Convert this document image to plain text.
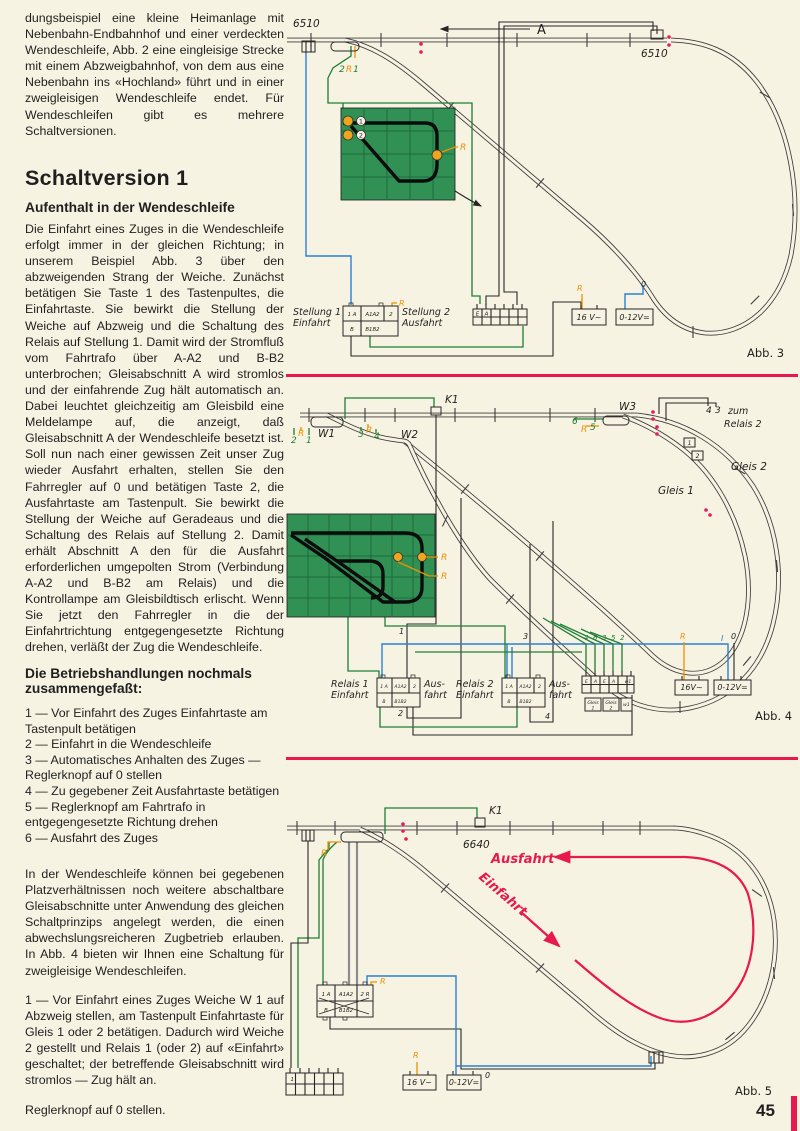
dungsbeispiel eine kleine Heimanlage mit Nebenbahn-Endbahnhof und einer verdeckten Wendeschleife, Abb. 2 eine eingleisige Strecke mit einem Abzweigbahnhof, von dem aus eine Nebenbahn ins «Hochland» führt und in einer zweigleisigen Wendeschleife endet. Für Wendeschleifen gibt es mehrere Schaltversionen.
Schaltversion 1
Aufenthalt in der Wendeschleife
Die Einfahrt eines Zuges in die Wendeschleife erfolgt immer in der gleichen Richtung; in unserem Beispiel Abb. 3 über den abzweigenden Strang der Weiche. Zunächst betätigen Sie Taste 1 des Tastenpultes, die Einfahrtaste. Sie bewirkt die Stellung der Weiche auf Abzweig und die Schaltung des Relais auf Stellung 1. Damit wird der Stromfluß vom Fahrtrafo über A-A2 und B-B2 unterbrochen; Gleisabschnitt A wird stromlos und der einfahrende Zug hält automatisch an. Dabei leuchtet gleichzeitig am Gleisbild eine Meldelampe auf, die anzeigt, daß Gleisabschnitt A der Wendeschleife besetzt ist. Soll nun nach einer gewissen Zeit unser Zug wieder Ausfahrt erhalten, stellen Sie den Fahrregler auf 0 und betätigen Taste 2, die Ausfahrtaste am Tastenpult. Sie bewirkt die Stellung der Weiche auf Geradeaus und die Schaltung des Relais auf Stellung 2. Damit erhält Abschnitt A den für die Ausfahrt erforderlichen umgepolten Strom (Verbindung A-A2 und B-B2 am Relais) und die Kontrollampe am Gleisbildtisch erlischt. Wenn Sie jetzt den Fahrregler in die der Einfahrtrichtung entgegengesetzte Richtung drehen, verläßt der Zug die Wendeschleife.
Die Betriebshandlungen nochmals zusammengefaßt:
1 — Vor Einfahrt des Zuges Einfahrtaste am Tastenpult betätigen
2 — Einfahrt in die Wendeschleife
3 — Automatisches Anhalten des Zuges — Reglerknopf auf 0 stellen
4 — Zu gegebener Zeit Ausfahrtaste betätigen
5 — Reglerknopf am Fahrtrafo in entgegengesetzte Richtung drehen
6 — Ausfahrt des Zuges
In der Wendeschleife können bei gegebenen Platzverhältnissen noch weitere abschaltbare Gleisabschnitte unter Anwendung des gleichen Schaltprinzips angelegt werden, die einen abwechslungsreicheren Zugbetrieb erlauben. In Abb. 4 bieten wir Ihnen eine Schaltung für zweigleisige Wendeschleifen.
1 — Vor Einfahrt eines Zuges Weiche W 1 auf Abzweig stellen, am Tastenpult Einfahrtaste für Gleis 1 oder 2 betätigen. Dadurch wird Weiche 2 gestellt und Relais 1 (oder 2) auf «Einfahrt» geschaltet; der betreffende Gleisabschnitt wird stromlos — Zug hält an.
Reglerknopf auf 0 stellen.
1
2
R
1 A A1A2 2
B B1B2
R
E A	16 V~ 0-12V=
R	0
6510
6510
A
2 R 1
Stellung 1
Einfahrt
Stellung 2
Ausfahrt
Abb. 3
1
2
R
R
1 A A1A2 2
B B1B2
1 A A1A2 2
B B1B2
E A E A w1
Gleis
1
Gleis
2
w1
16V~ 0-12V=
R	I 0
K1
W1	W2
W3	zum
Relais 2
4 3
2
R
1
3 R
4
6
R 5
Gleis 2
Gleis 1
1
3
2	4
4 6 3 5 2
Relais 1
Einfahrt
Aus-
fahrt
Relais 2
Einfahrt
Aus-
fahrt
Abb. 4
Ausfahrt
Einfahrt
1 A A1A2 2 R
B B1B2
R
1	16 V~ 0-12V=
R
0
K1
6640
R
Abb. 5
45
